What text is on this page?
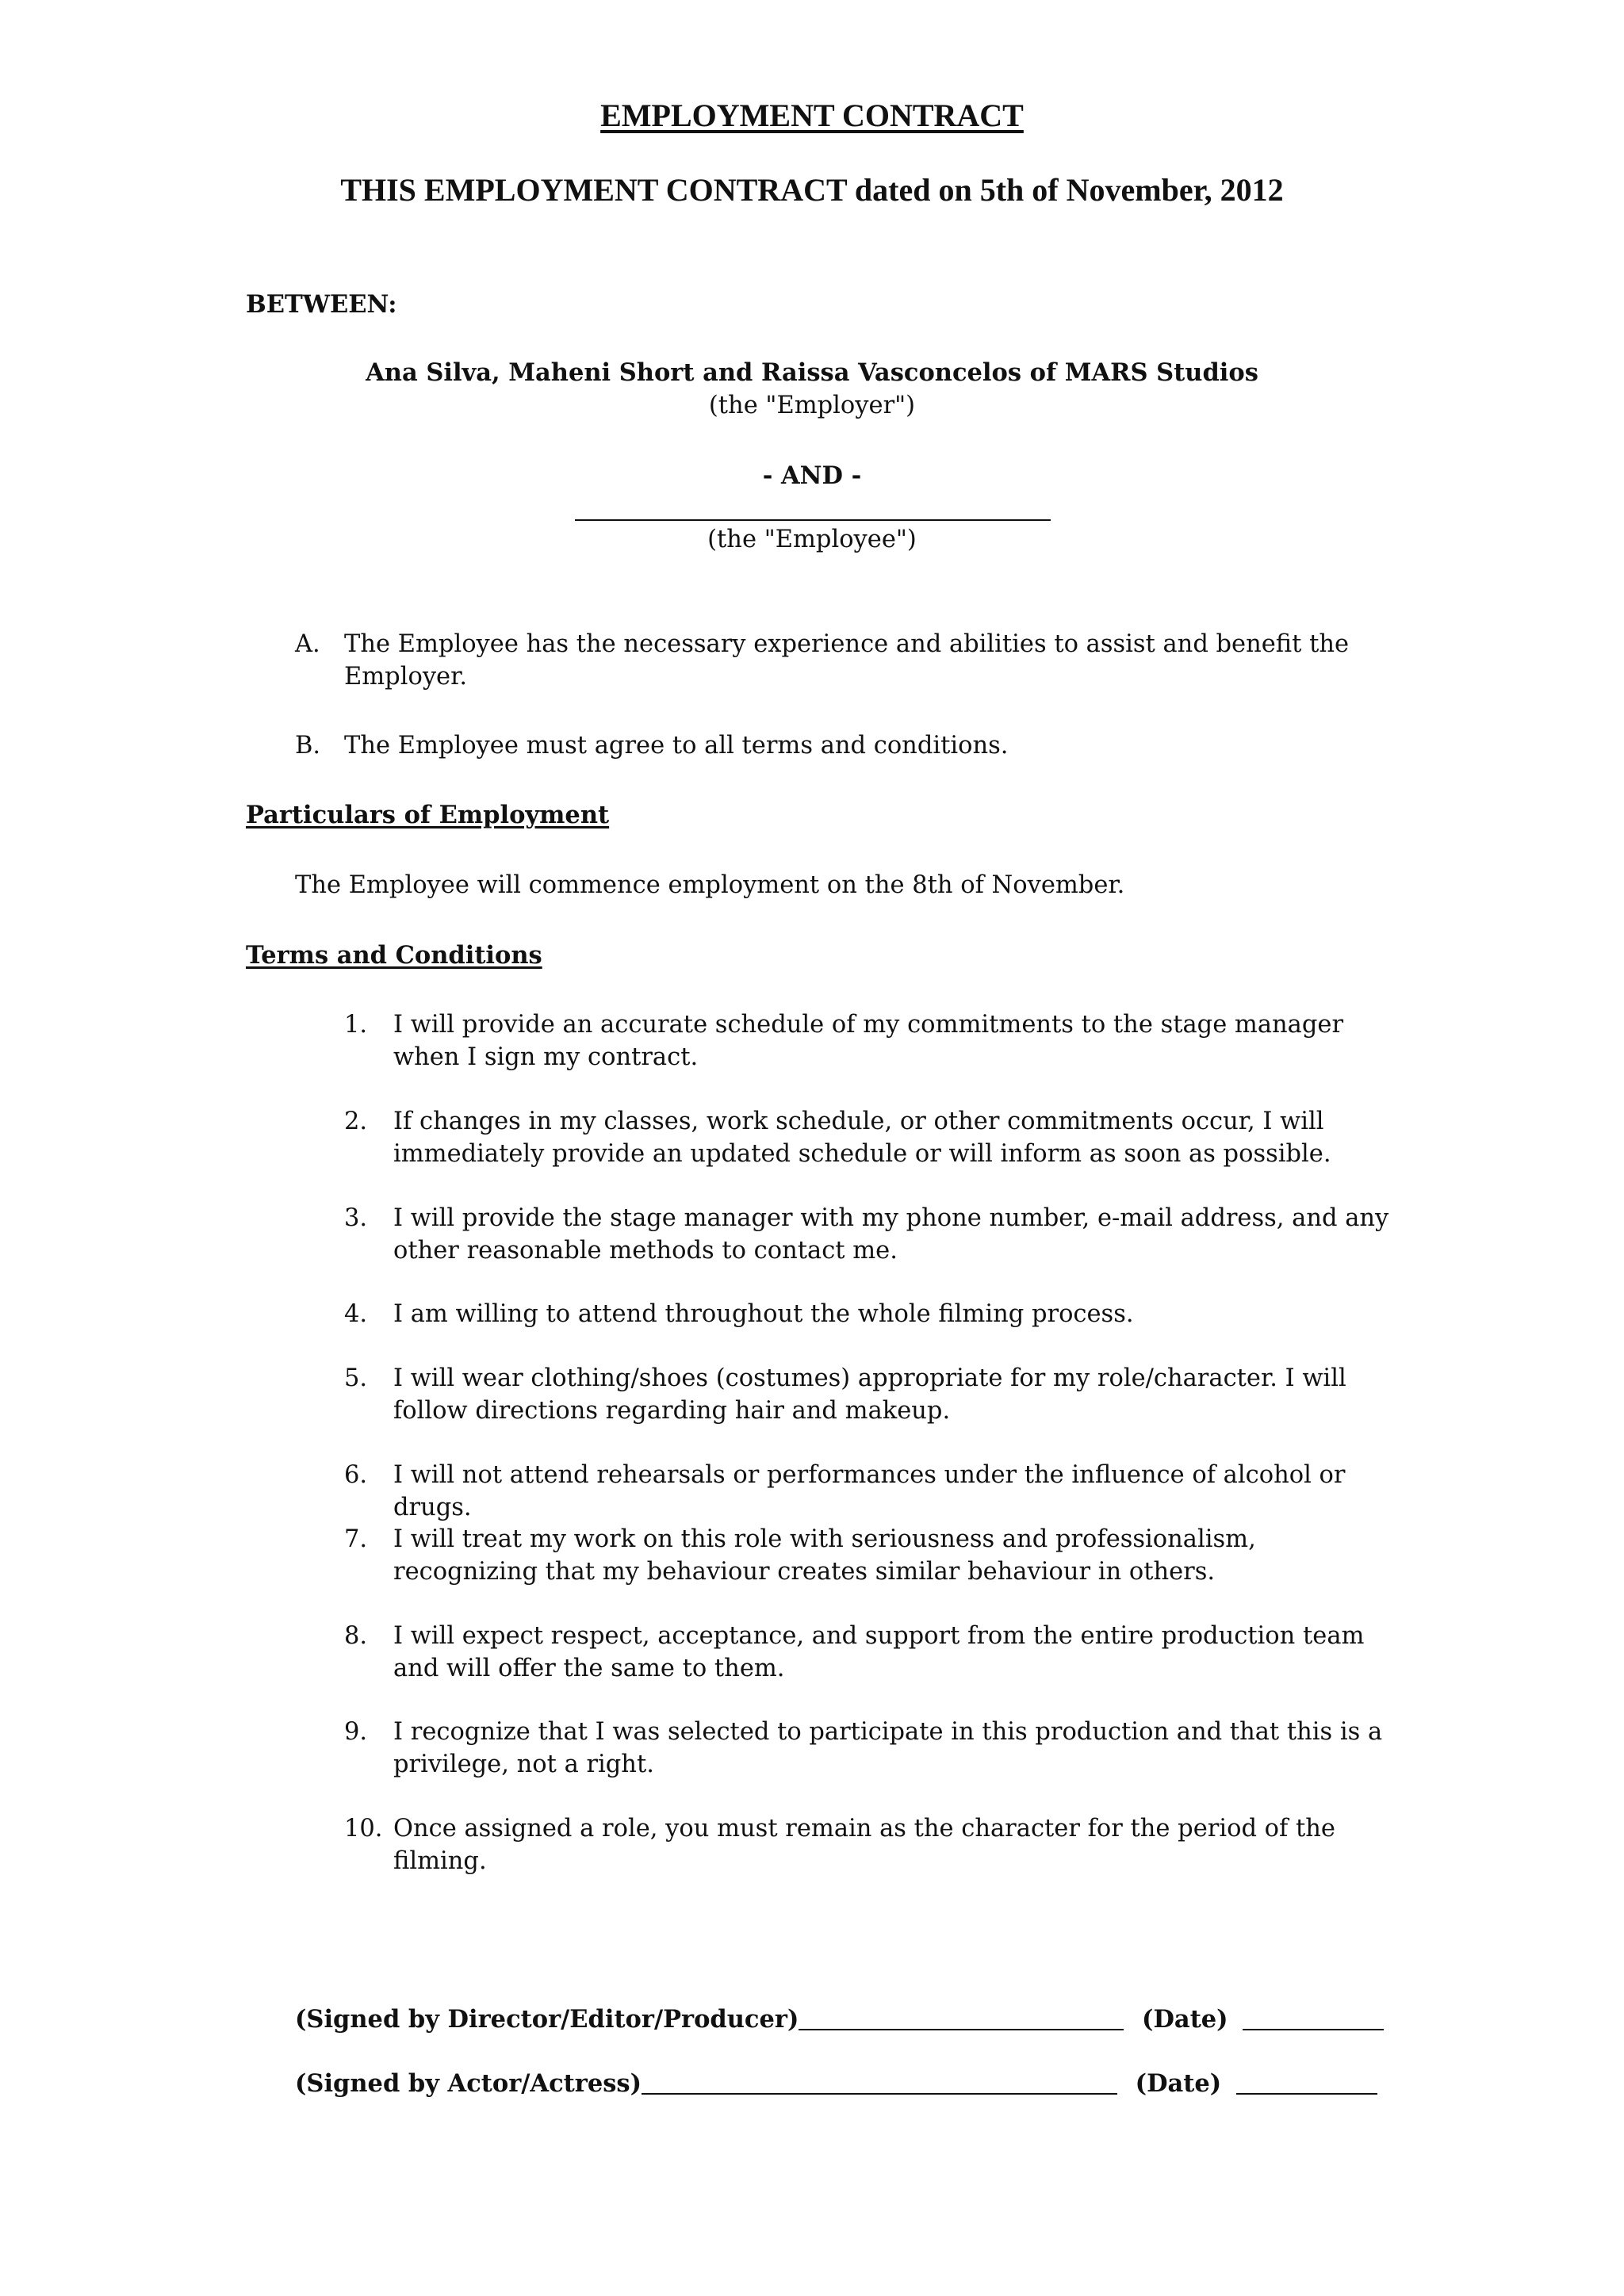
EMPLOYMENT CONTRACT
THIS EMPLOYMENT CONTRACT dated on 5th of November, 2012
BETWEEN:
Ana Silva, Maheni Short and Raissa Vasconcelos of MARS Studios
(the "Employer")
- AND -
(the "Employee")
A. The Employee has the necessary experience and abilities to assist and benefit the Employer.
B. The Employee must agree to all terms and conditions.
Particulars of Employment
The Employee will commence employment on the 8th of November.
Terms and Conditions
1. I will provide an accurate schedule of my commitments to the stage manager when I sign my contract.
2. If changes in my classes, work schedule, or other commitments occur, I will immediately provide an updated schedule or will inform as soon as possible.
3. I will provide the stage manager with my phone number, e-mail address, and any other reasonable methods to contact me.
4. I am willing to attend throughout the whole filming process.
5. I will wear clothing/shoes (costumes) appropriate for my role/character. I will follow directions regarding hair and makeup.
6. I will not attend rehearsals or performances under the influence of alcohol or drugs.
7. I will treat my work on this role with seriousness and professionalism, recognizing that my behaviour creates similar behaviour in others.
8. I will expect respect, acceptance, and support from the entire production team and will offer the same to them.
9. I recognize that I was selected to participate in this production and that this is a privilege, not a right.
10. Once assigned a role, you must remain as the character for the period of the filming.
(Signed by Director/Editor/Producer)	(Date)
(Signed by Actor/Actress)	(Date)
